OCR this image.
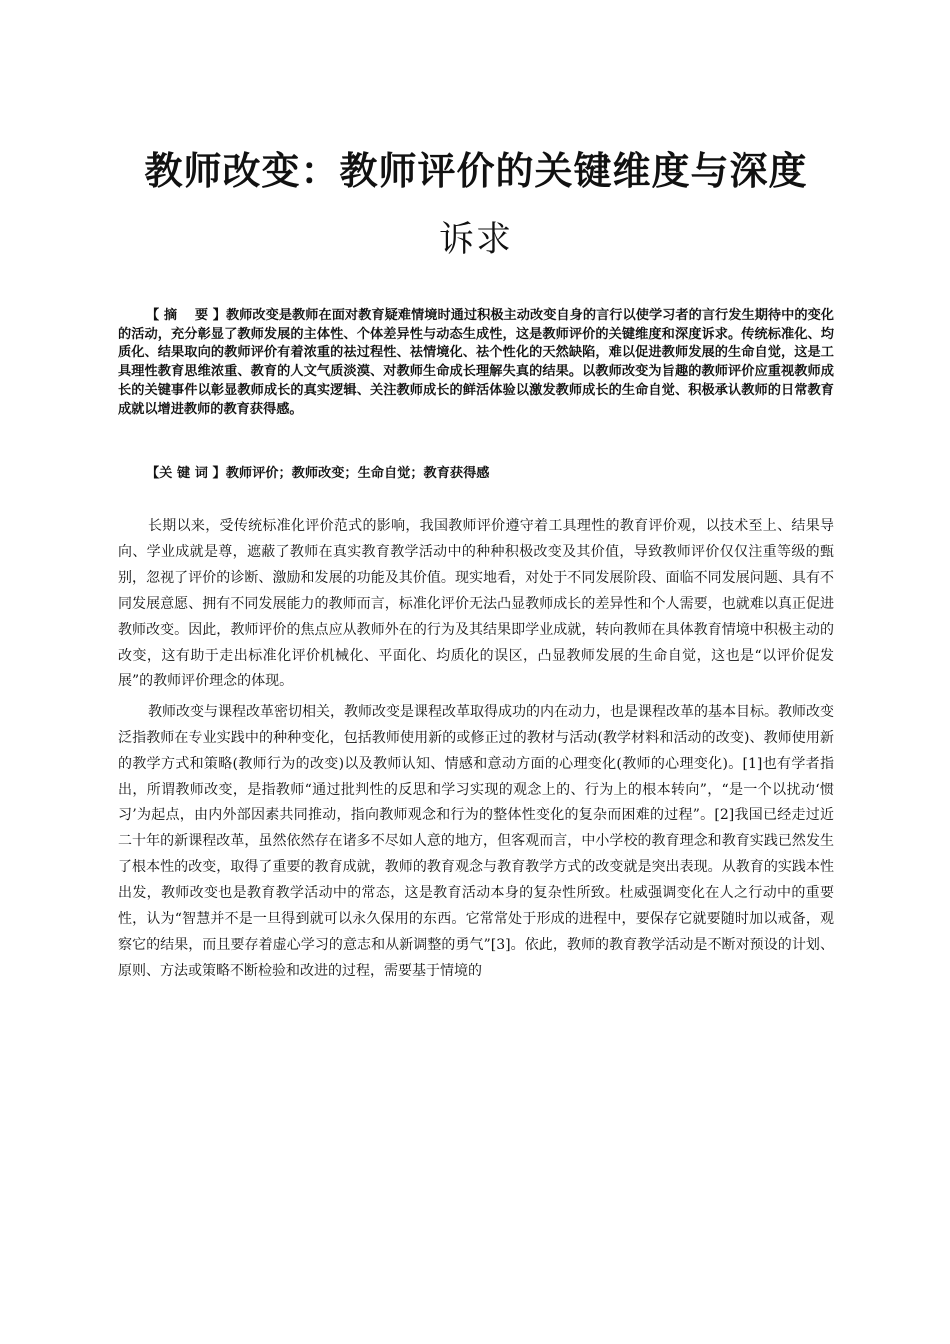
教师改变：教师评价的关键维度与深度
诉求

【 摘　 要 】教师改变是教师在面对教育疑难情境时通过积极主动改变自身的言行以使学习者的言行发生期待中的变化的活动，充分彰显了教师发展的主体性、个体差异性与动态生成性，这是教师评价的关键维度和深度诉求。传统标准化、均质化、结果取向的教师评价有着浓重的祛过程性、祛情境化、祛个性化的天然缺陷，难以促进教师发展的生命自觉，这是工具理性教育思维浓重、教育的人文气质淡漠、对教师生命成长理解失真的结果。以教师改变为旨趣的教师评价应重视教师成长的关键事件以彰显教师成长的真实逻辑、关注教师成长的鲜活体验以激发教师成长的生命自觉、积极承认教师的日常教育成就以增进教师的教育获得感。

【关 键 词 】教师评价；教师改变；生命自觉；教育获得感

长期以来，受传统标准化评价范式的影响，我国教师评价遵守着工具理性的教育评价观，以技术至上、结果导向、学业成就是尊，遮蔽了教师在真实教育教学活动中的种种积极改变及其价值，导致教师评价仅仅注重等级的甄别，忽视了评价的诊断、激励和发展的功能及其价值。现实地看，对处于不同发展阶段、面临不同发展问题、具有不同发展意愿、拥有不同发展能力的教师而言，标准化评价无法凸显教师成长的差异性和个人需要，也就难以真正促进教师改变。因此，教师评价的焦点应从教师外在的行为及其结果即学业成就，转向教师在具体教育情境中积极主动的改变，这有助于走出标准化评价机械化、平面化、均质化的误区，凸显教师发展的生命自觉，这也是“以评价促发展”的教师评价理念的体现。

教师改变与课程改革密切相关，教师改变是课程改革取得成功的内在动力，也是课程改革的基本目标。教师改变泛指教师在专业实践中的种种变化，包括教师使用新的或修正过的教材与活动(教学材料和活动的改变)、教师使用新的教学方式和策略(教师行为的改变)以及教师认知、情感和意动方面的心理变化(教师的心理变化)。[1]也有学者指出，所谓教师改变，是指教师“通过批判性的反思和学习实现的观念上的、行为上的根本转向”，“是一个以扰动‘惯习’为起点，由内外部因素共同推动，指向教师观念和行为的整体性变化的复杂而困难的过程”。[2]我国已经走过近二十年的新课程改革，虽然依然存在诸多不尽如人意的地方，但客观而言，中小学校的教育理念和教育实践已然发生了根本性的改变，取得了重要的教育成就，教师的教育观念与教育教学方式的改变就是突出表现。从教育的实践本性出发，教师改变也是教育教学活动中的常态，这是教育活动本身的复杂性所致。杜威强调变化在人之行动中的重要性，认为“智慧并不是一旦得到就可以永久保用的东西。它常常处于形成的进程中，要保存它就要随时加以戒备，观察它的结果，而且要存着虚心学习的意志和从新调整的勇气”[3]。依此，教师的教育教学活动是不断对预设的计划、原则、方法或策略不断检验和改进的过程，需要基于情境的
